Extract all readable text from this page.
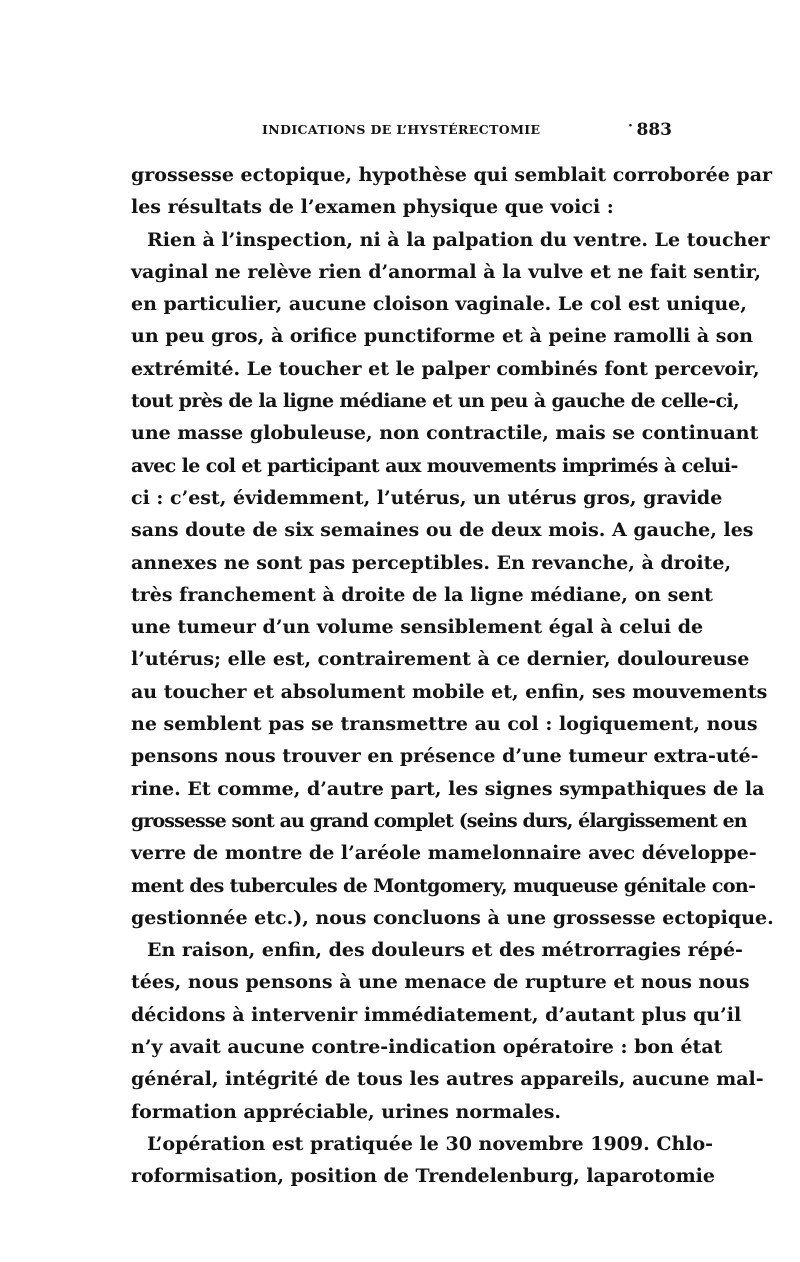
INDICATIONS DE L’HYSTÉRECTOMIE	· 883
grossesse ectopique, hypothèse qui semblait corroborée par
les résultats de l’examen physique que voici :
Rien à l’inspection, ni à la palpation du ventre. Le toucher
vaginal ne relève rien d’anormal à la vulve et ne fait sentir,
en particulier, aucune cloison vaginale. Le col est unique,
un peu gros, à orifice punctiforme et à peine ramolli à son
extrémité. Le toucher et le palper combinés font percevoir,
tout près de la ligne médiane et un peu à gauche de celle-ci,
une masse globuleuse, non contractile, mais se continuant
avec le col et participant aux mouvements imprimés à celui-
ci : c’est, évidemment, l’utérus, un utérus gros, gravide
sans doute de six semaines ou de deux mois. A gauche, les
annexes ne sont pas perceptibles. En revanche, à droite,
très franchement à droite de la ligne médiane, on sent
une tumeur d’un volume sensiblement égal à celui de
l’utérus; elle est, contrairement à ce dernier, douloureuse
au toucher et absolument mobile et, enfin, ses mouvements
ne semblent pas se transmettre au col : logiquement, nous
pensons nous trouver en présence d’une tumeur extra-uté-
rine. Et comme, d’autre part, les signes sympathiques de la
grossesse sont au grand complet (seins durs, élargissement en
verre de montre de l’aréole mamelonnaire avec développe-
ment des tubercules de Montgomery, muqueuse génitale con-
gestionnée etc.), nous concluons à une grossesse ectopique.
En raison, enfin, des douleurs et des métrorragies répé-
tées, nous pensons à une menace de rupture et nous nous
décidons à intervenir immédiatement, d’autant plus qu’il
n’y avait aucune contre-indication opératoire : bon état
général, intégrité de tous les autres appareils, aucune mal-
formation appréciable, urines normales.
L’opération est pratiquée le 30 novembre 1909. Chlo-
roformisation, position de Trendelenburg, laparotomie
